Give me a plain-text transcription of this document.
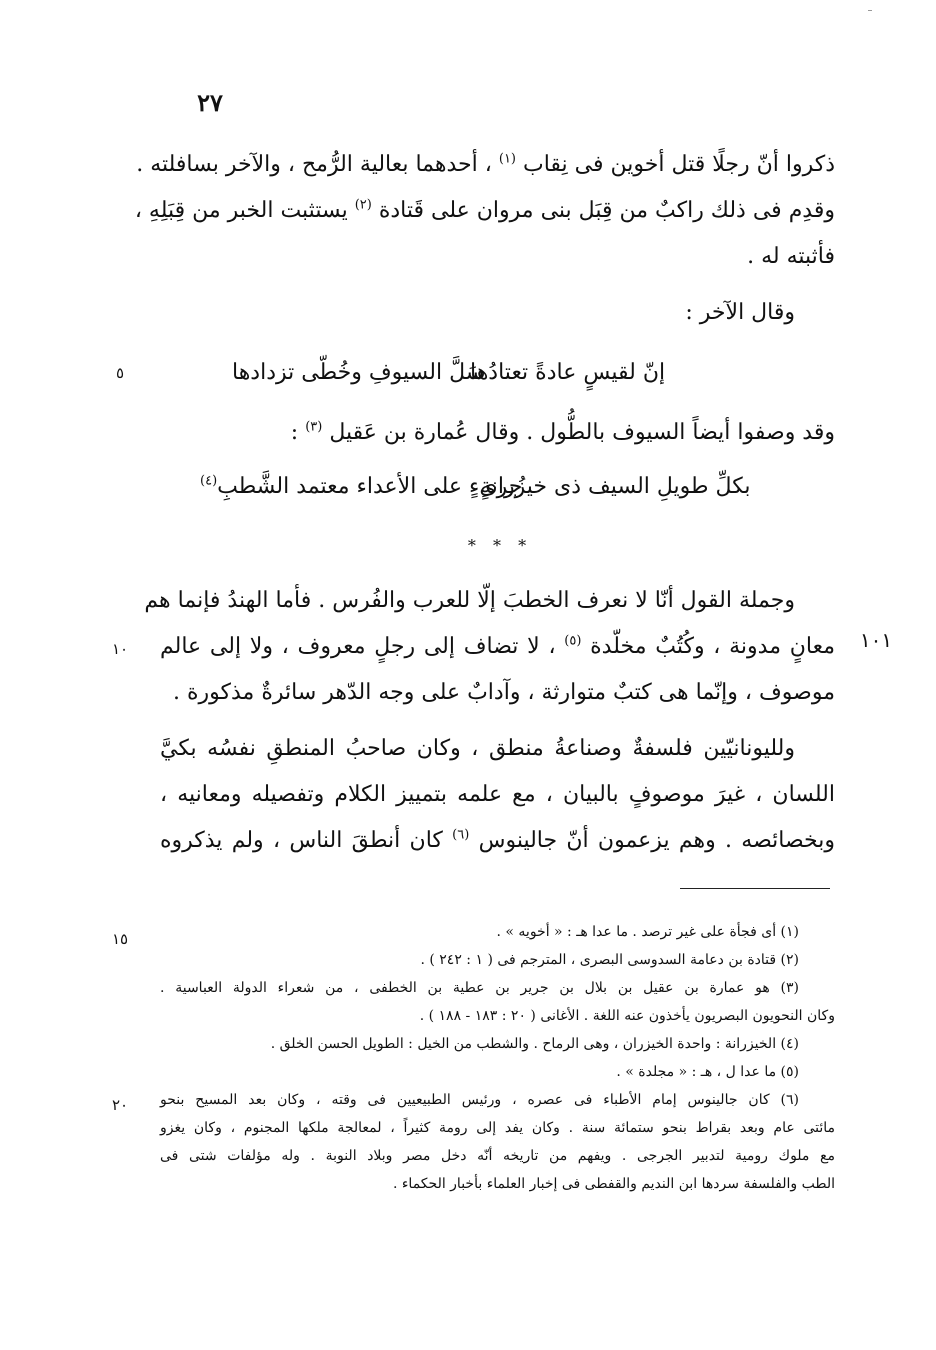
٢٧
ذكروا أنّ رجلًا قتل أخوين فى نِقاب $^{(١)}$ ، أحدهما بعالية الرُّمح ، والآخر بسافلته .
وقدِم فى ذلك راكبٌ من قِبَل بنى مروان على قَتادة $^{(٢)}$ يستثبت الخبر من قِبَلِهِ ،
فأثبته له .
وقال الآخر :
إنّ لقيسٍ عادةً تعتادُها
سَلَّ السيوفِ وخُطّى تزدادها
٥
وقد وصفوا أيضاً السيوف بالطُّول . وقال عُمارة بن عَقيل $^{(٣)}$ :
بكلِّ طويلِ السيف ذى خيزُرانةٍ
جرىءٍ على الأعداء معتمد الشَّطبِ$^{(٤)}$
* * *
١٠١
١٠
وجملة القول أنّا لا نعرف الخطبَ إلّا للعرب والفُرس . فأما الهندُ فإنما هم
معانٍ مدونة ، وكُتُبٌ مخلّدة $^{(٥)}$ ، لا تضاف إلى رجلٍ معروف ، ولا إلى عالم
موصوف ، وإنّما هى كتبٌ متوارثة ، وآدابٌ على وجه الدّهر سائرةٌ مذكورة .
ولليونانيّين فلسفةٌ وصناعةُ منطق ، وكان صاحبُ المنطقِ نفسُه بكيَّ
اللسان ، غيرَ موصوفٍ بالبيان ، مع علمه بتمييز الكلام وتفصيله ومعانيه ،
وبخصائصه . وهم يزعمون أنّ جالينوس $^{(٦)}$ كان أنطقَ الناس ، ولم يذكروه
١٥
٢٠
(١) أى فجأة على غير ترصد . ما عدا هـ : « أخويه » .
(٢) قتادة بن دعامة السدوسى البصرى ، المترجم فى ( ١ : ٢٤٢ ) .
(٣) هو عمارة بن عقيل بن بلال بن جرير بن عطية بن الخطفى ، من شعراء الدولة العباسية .
وكان النحويون البصريون يأخذون عنه اللغة . الأغانى ( ٢٠ : ١٨٣ - ١٨٨ ) .
(٤) الخيزرانة : واحدة الخيزران ، وهى الرماح . والشطب من الخيل : الطويل الحسن الخلق .
(٥) ما عدا ل ، هـ : « مجلدة » .
(٦) كان جالينوس إمام الأطباء فى عصره ، ورئيس الطبيعيين فى وقته ، وكان بعد المسيح بنحو
مائتى عام وبعد بقراط بنحو ستمائة سنة . وكان يفد إلى رومة كثيراً ، لمعالجة ملكها المجنوم ، وكان يغزو
مع ملوك رومية لتدبير الجرجى . ويفهم من تاريخه أنّه دخل مصر وبلاد النوبة . وله مؤلفات شتى فى
الطب والفلسفة سردها ابن النديم والقفطى فى إخبار العلماء بأخبار الحكماء .
